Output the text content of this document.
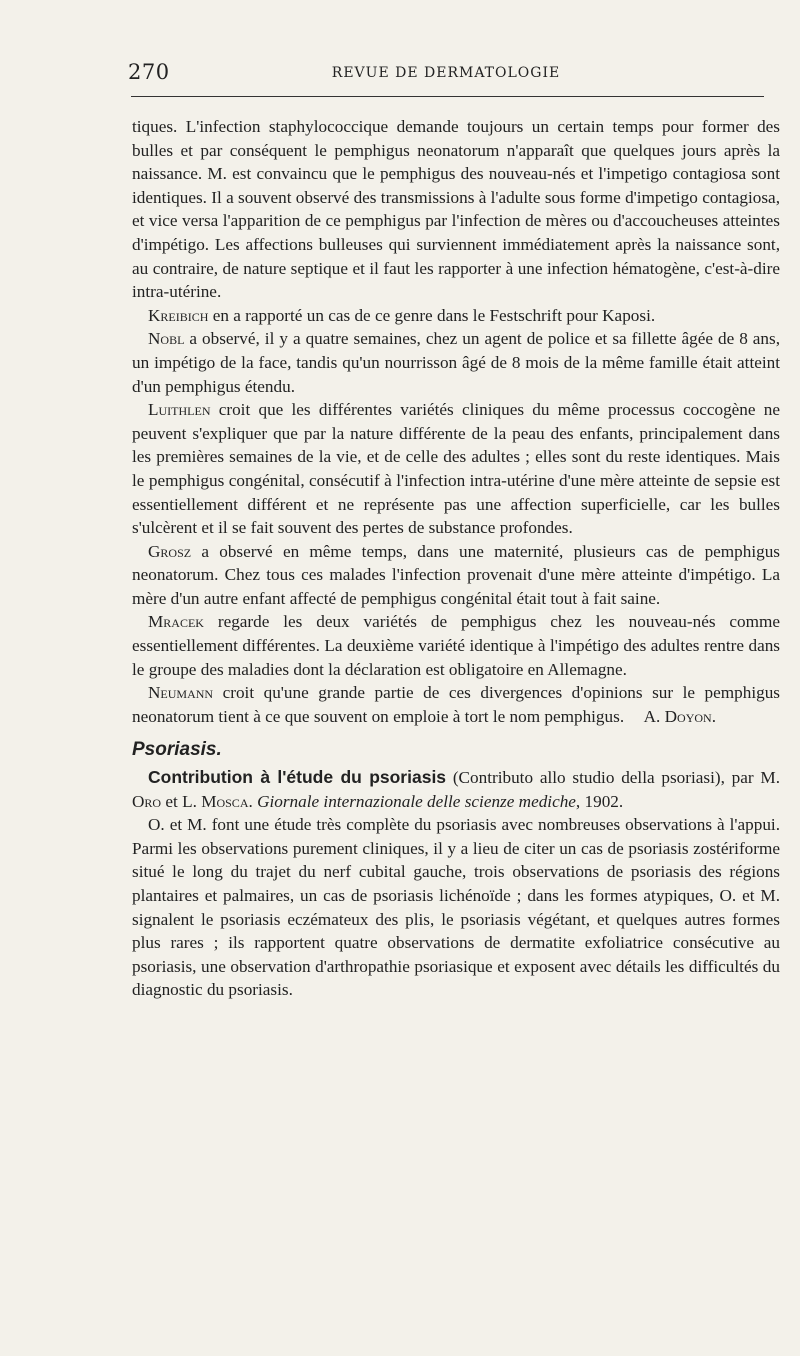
270	REVUE DE DERMATOLOGIE

tiques. L'infection staphylococcique demande toujours un certain temps pour former des bulles et par conséquent le pemphigus neonatorum n'apparaît que quelques jours après la naissance. M. est convaincu que le pemphigus des nouveau-nés et l'impetigo contagiosa sont identiques. Il a souvent observé des transmissions à l'adulte sous forme d'impetigo contagiosa, et vice versa l'apparition de ce pemphigus par l'infection de mères ou d'accoucheuses atteintes d'impétigo. Les affections bulleuses qui surviennent immédiatement après la naissance sont, au contraire, de nature septique et il faut les rapporter à une infection hématogène, c'est-à-dire intra-utérine.

Kreibich en a rapporté un cas de ce genre dans le Festschrift pour Kaposi.

Nobl a observé, il y a quatre semaines, chez un agent de police et sa fillette âgée de 8 ans, un impétigo de la face, tandis qu'un nourrisson âgé de 8 mois de la même famille était atteint d'un pemphigus étendu.

Luithlen croit que les différentes variétés cliniques du même processus coccogène ne peuvent s'expliquer que par la nature différente de la peau des enfants, principalement dans les premières semaines de la vie, et de celle des adultes ; elles sont du reste identiques. Mais le pemphigus congénital, consécutif à l'infection intra-utérine d'une mère atteinte de sepsie est essentiellement différent et ne représente pas une affection superficielle, car les bulles s'ulcèrent et il se fait souvent des pertes de substance profondes.

Grosz a observé en même temps, dans une maternité, plusieurs cas de pemphigus neonatorum. Chez tous ces malades l'infection provenait d'une mère atteinte d'impétigo. La mère d'un autre enfant affecté de pemphigus congénital était tout à fait saine.

Mracek regarde les deux variétés de pemphigus chez les nouveau-nés comme essentiellement différentes. La deuxième variété identique à l'impétigo des adultes rentre dans le groupe des maladies dont la déclaration est obligatoire en Allemagne.

Neumann croit qu'une grande partie de ces divergences d'opinions sur le pemphigus neonatorum tient à ce que souvent on emploie à tort le nom pemphigus.	A. Doyon.
Psoriasis.

Contribution à l'étude du psoriasis (Contributo allo studio della psoriasi), par M. Oro et L. Mosca. Giornale internazionale delle scienze mediche, 1902.

O. et M. font une étude très complète du psoriasis avec nombreuses observations à l'appui. Parmi les observations purement cliniques, il y a lieu de citer un cas de psoriasis zostériforme situé le long du trajet du nerf cubital gauche, trois observations de psoriasis des régions plantaires et palmaires, un cas de psoriasis lichénoïde ; dans les formes atypiques, O. et M. signalent le psoriasis eczémateux des plis, le psoriasis végétant, et quelques autres formes plus rares ; ils rapportent quatre observations de dermatite exfoliatrice consécutive au psoriasis, une observation d'arthropathie psoriasique et exposent avec détails les difficultés du diagnostic du psoriasis.
